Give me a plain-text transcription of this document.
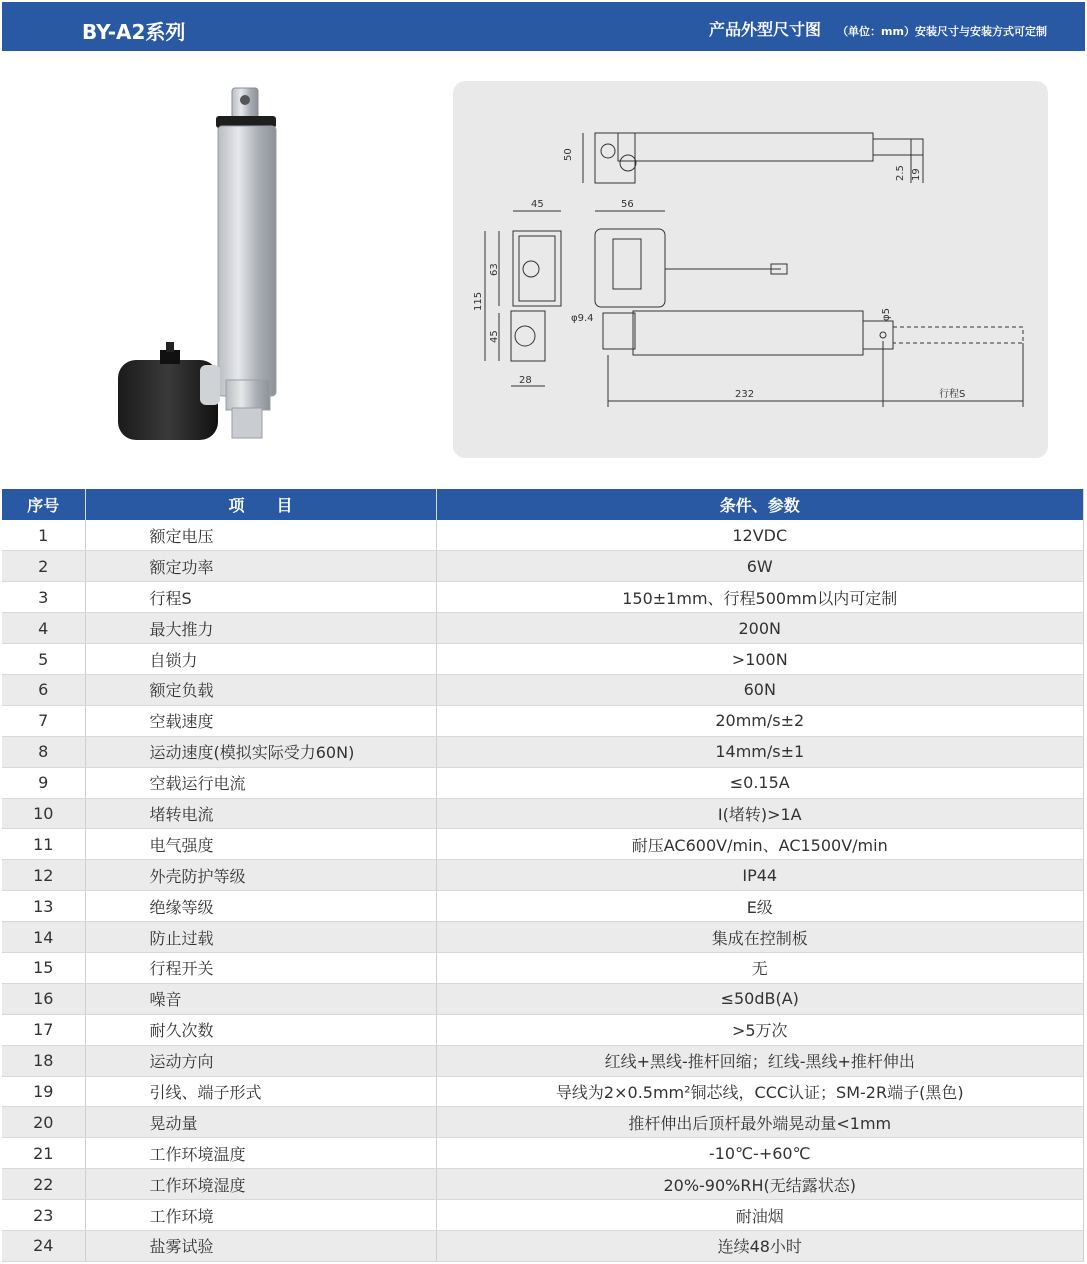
BY-A2系列	产品外型尺寸图 （单位：mm）安装尺寸与安装方式可定制
50
2.5 19
45	56
63
115
45
28
φ9.4	φ5
232	行程S
序号	项　　目	条件、参数
1	额定电压	12VDC
2	额定功率	6W
3	行程S	150±1mm、行程500mm以内可定制
4	最大推力	200N
5	自锁力	>100N
6	额定负载	60N
7	空载速度	20mm/s±2
8	运动速度(模拟实际受力60N)	14mm/s±1
9	空载运行电流	≤0.15A
10	堵转电流	I(堵转)>1A
11	电气强度	耐压AC600V/min、AC1500V/min
12	外壳防护等级	IP44
13	绝缘等级	E级
14	防止过载	集成在控制板
15	行程开关	无
16	噪音	≤50dB(A)
17	耐久次数	>5万次
18	运动方向	红线+黑线-推杆回缩；红线-黑线+推杆伸出
19	引线、端子形式	导线为2×0.5mm²铜芯线，CCC认证；SM-2R端子(黑色)
20	晃动量	推杆伸出后顶杆最外端晃动量<1mm
21	工作环境温度	-10℃-+60℃
22	工作环境湿度	20%-90%RH(无结露状态)
23	工作环境	耐油烟
24	盐雾试验	连续48小时
